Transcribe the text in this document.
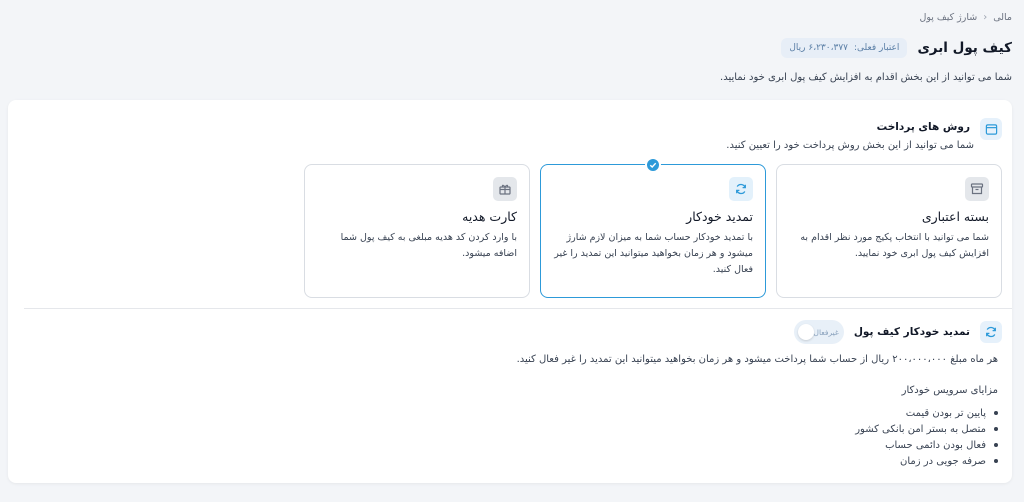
مالی
‹
شارژ کیف پول
کیف پول ابری
اعتبار فعلی:
۶،۲۳۰،۳۷۷ ریال

شما می توانید از این بخش اقدام به افزایش کیف پول ابری خود نمایید.

روش های پرداخت

شما می توانید از این بخش روش پرداخت خود را تعیین کنید.

بسته اعتباری
شما می توانید با انتخاب پکیج مورد نظر اقدام به افزایش کیف پول ابری خود نمایید.
تمدید خودکار
با تمدید خودکار حساب شما به میزان لازم شارژ میشود و هر زمان بخواهید میتوانید این تمدید را غیر فعال کنید.
کارت هدیه
با وارد کردن کد هدیه مبلغی به کیف پول شما اضافه میشود.
تمدید خودکار کیف پول
غیرفعال

هر ماه مبلغ ۲۰۰،۰۰۰،۰۰۰ ریال از حساب شما پرداخت میشود و هر زمان بخواهید میتوانید این تمدید را غیر فعال کنید.

مزایای سرویس خودکار

پایین تر بودن قیمت
متصل به بستر امن بانکی کشور
فعال بودن دائمی حساب
صرفه جویی در زمان
